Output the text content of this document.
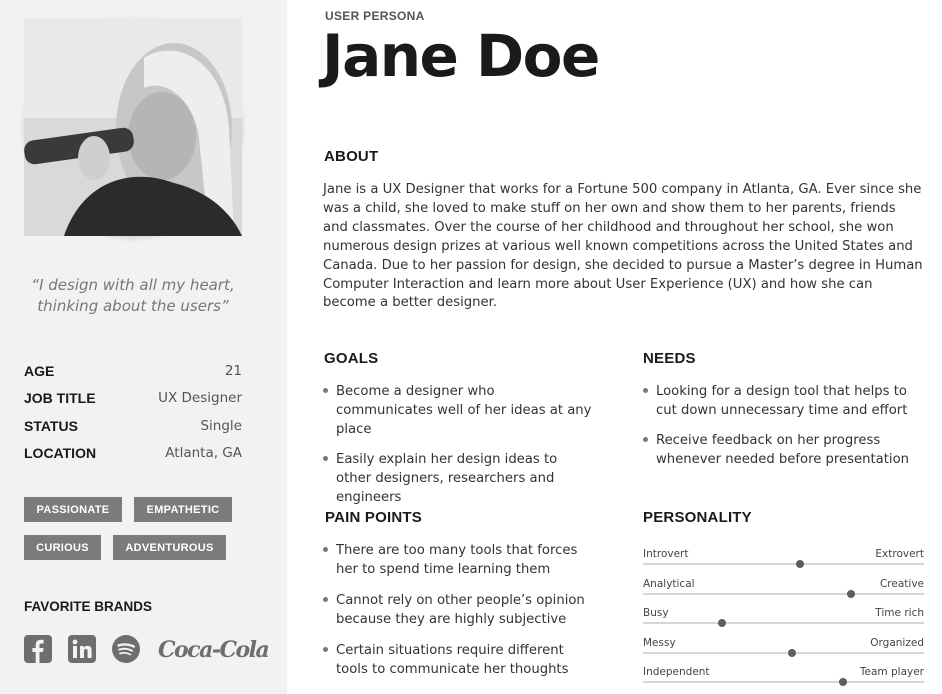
“I design with all my heart, thinking about the users”
AGE	21
JOB TITLE	UX Designer
STATUS	Single
LOCATION	Atlanta, GA
PASSIONATE	EMPATHETIC
CURIOUS	ADVENTUROUS
FAVORITE BRANDS
Coca-Cola
USER PERSONA
Jane Doe
ABOUT

Jane is a UX Designer that works for a Fortune 500 company in Atlanta, GA. Ever since she was a child, she loved to make stuff on her own and show them to her parents, friends and classmates. Over the course of her childhood and throughout her school, she won numerous design prizes at various well known competitions across the United States and Canada. Due to her passion for design, she decided to pursue a Master’s degree in Human Computer Interaction and learn more about User Experience (UX) and how she can become a better designer.

GOALS
Become a designer who communicates well of her ideas at any place
Easily explain her design ideas to other designers, researchers and engineers
NEEDS
Looking for a design tool that helps to cut down unnecessary time and effort
Receive feedback on her progress whenever needed before presentation
PAIN POINTS
There are too many tools that forces her to spend time learning them
Cannot rely on other people’s opinion because they are highly subjective
Certain situations require different tools to communicate her thoughts
PERSONALITY
Introvert	Extrovert
Analytical	Creative
Busy	Time rich
Messy	Organized
Independent	Team player
